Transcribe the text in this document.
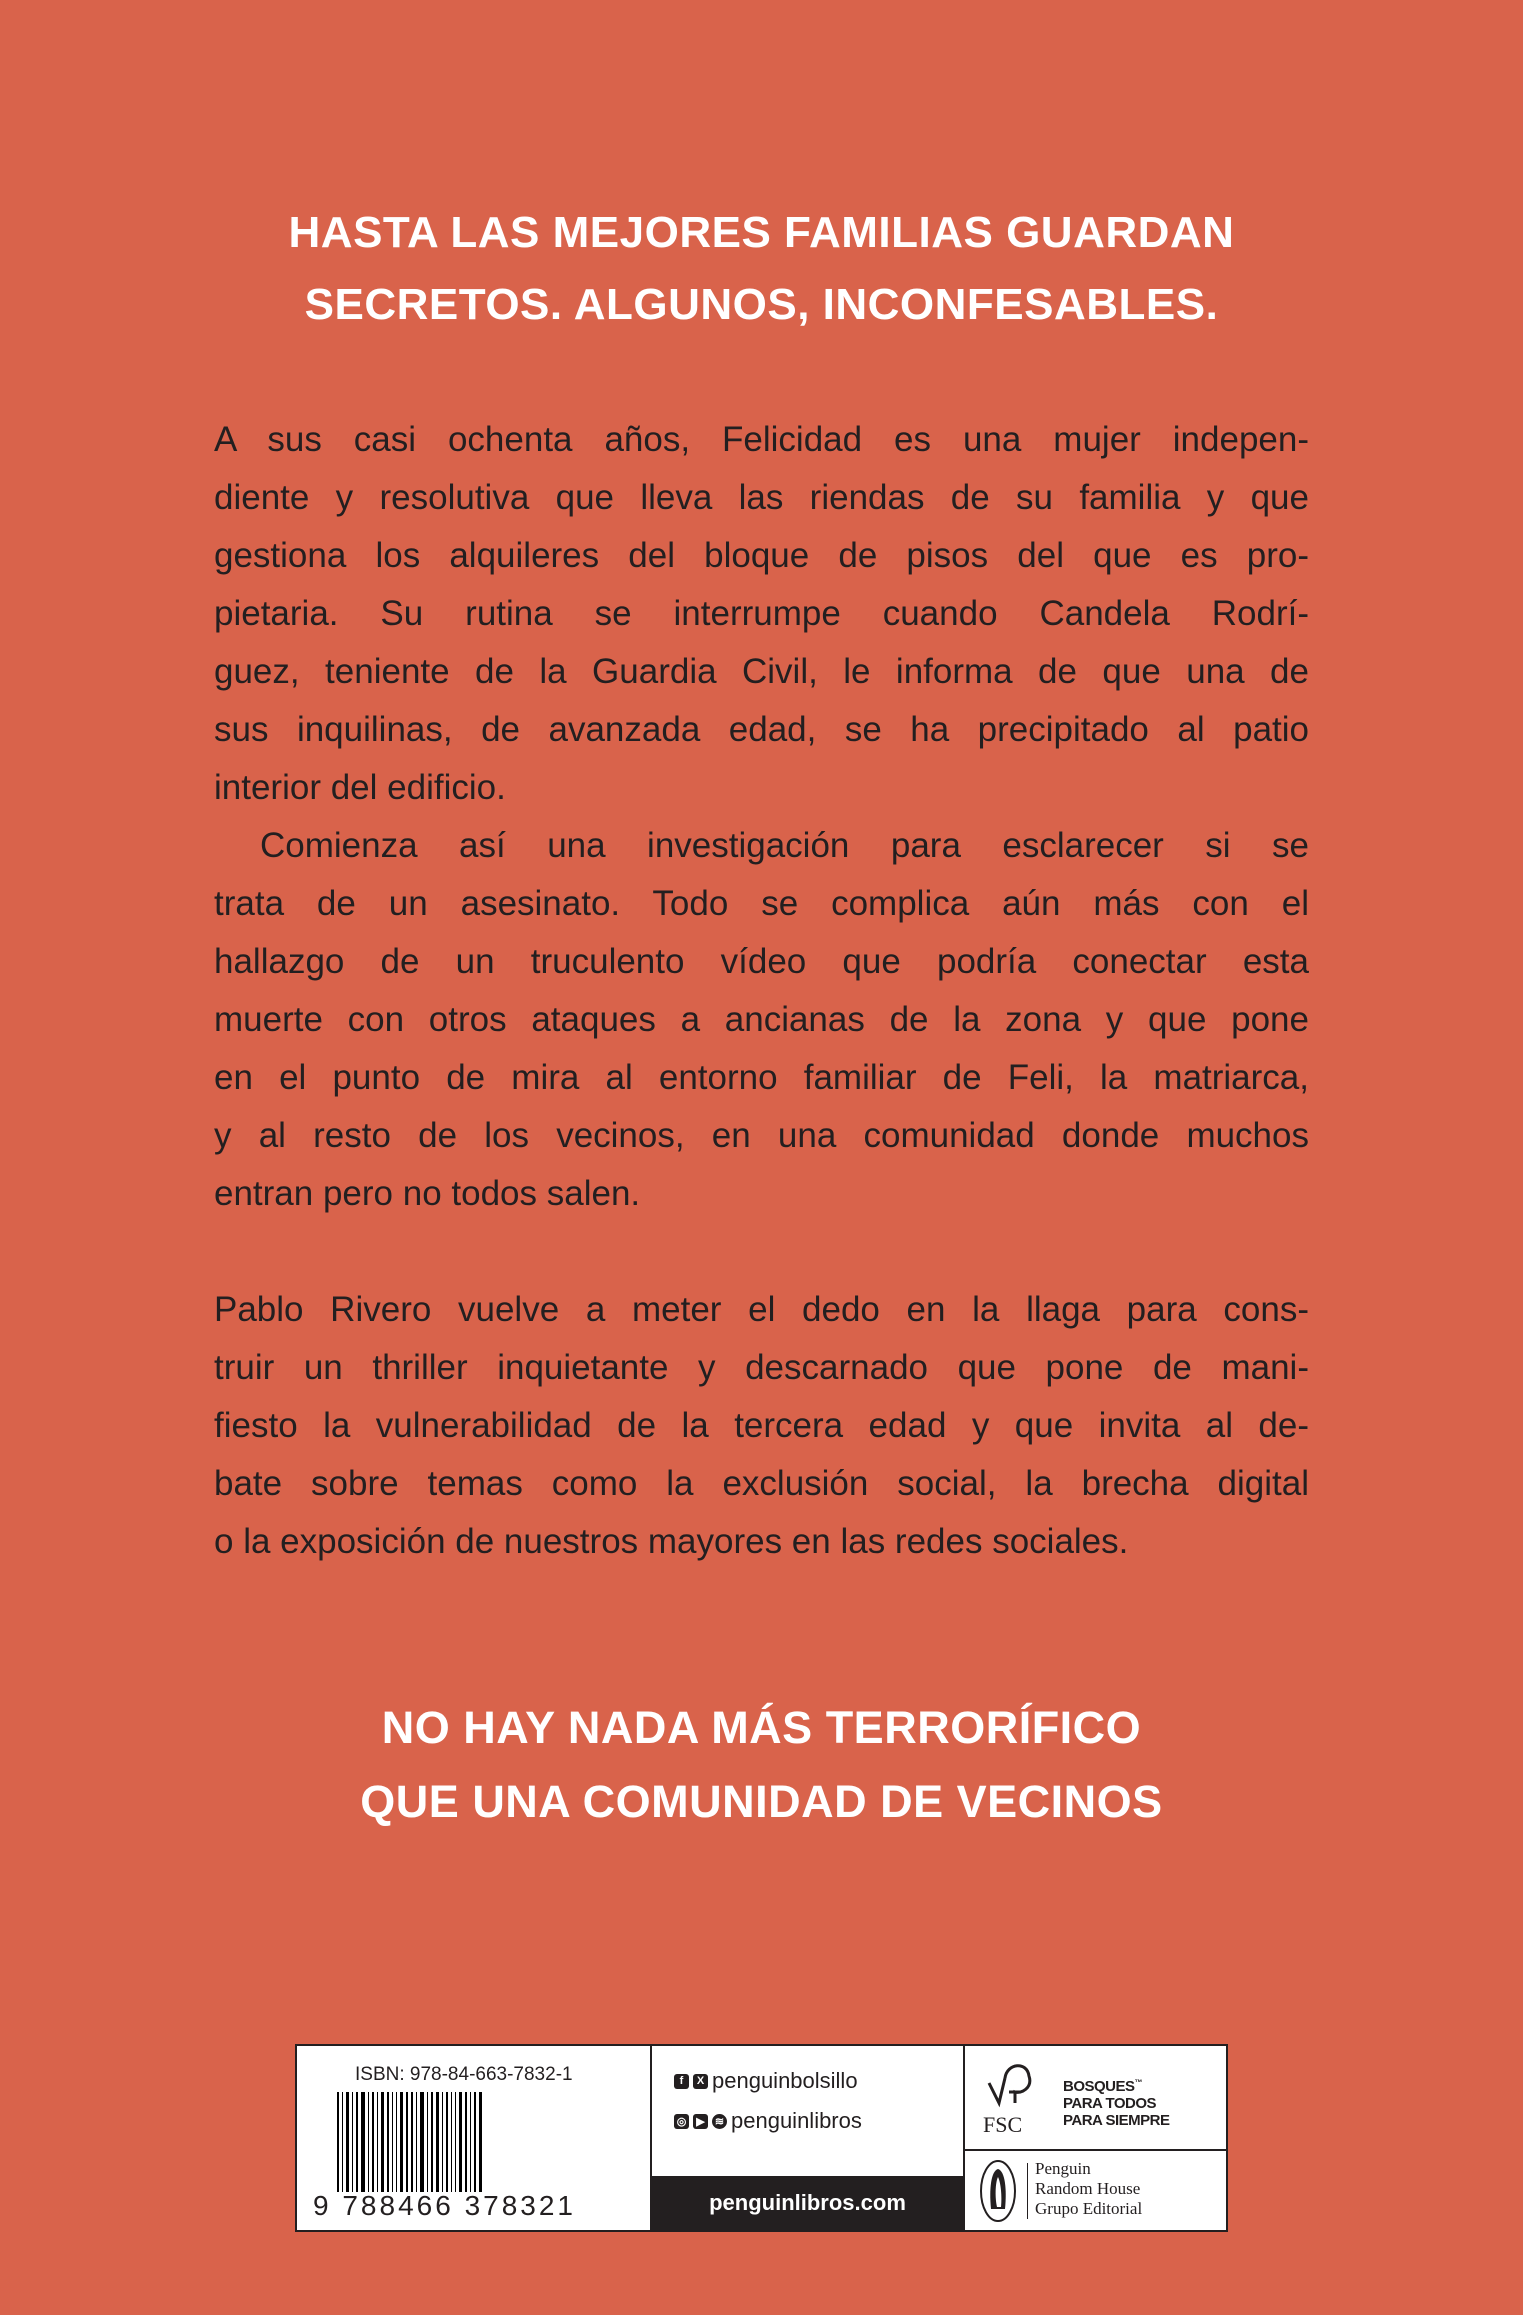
HASTA LAS MEJORES FAMILIAS GUARDAN
SECRETOS. ALGUNOS, INCONFESABLES.
A sus casi ochenta años, Felicidad es una mujer indepen-
diente y resolutiva que lleva las riendas de su familia y que
gestiona los alquileres del bloque de pisos del que es pro-
pietaria. Su rutina se interrumpe cuando Candela Rodrí-
guez, teniente de la Guardia Civil, le informa de que una de
sus inquilinas, de avanzada edad, se ha precipitado al patio
interior del edificio.
Comienza así una investigación para esclarecer si se
trata de un asesinato. Todo se complica aún más con el
hallazgo de un truculento vídeo que podría conectar esta
muerte con otros ataques a ancianas de la zona y que pone
en el punto de mira al entorno familiar de Feli, la matriarca,
y al resto de los vecinos, en una comunidad donde muchos
entran pero no todos salen.
Pablo Rivero vuelve a meter el dedo en la llaga para cons-
truir un thriller inquietante y descarnado que pone de mani-
fiesto la vulnerabilidad de la tercera edad y que invita al de-
bate sobre temas como la exclusión social, la brecha digital
o la exposición de nuestros mayores en las redes sociales.
NO HAY NADA MÁS TERRORÍFICO
QUE UNA COMUNIDAD DE VECINOS
ISBN: 978-84-663-7832-1
9 788466 378321
f	X penguinbolsillo
◎ ▶ ≋ penguinlibros
penguinlibros.com
FSC
BOSQUES™
PARA TODOS
PARA SIEMPRE
Penguin
Random House
Grupo Editorial
